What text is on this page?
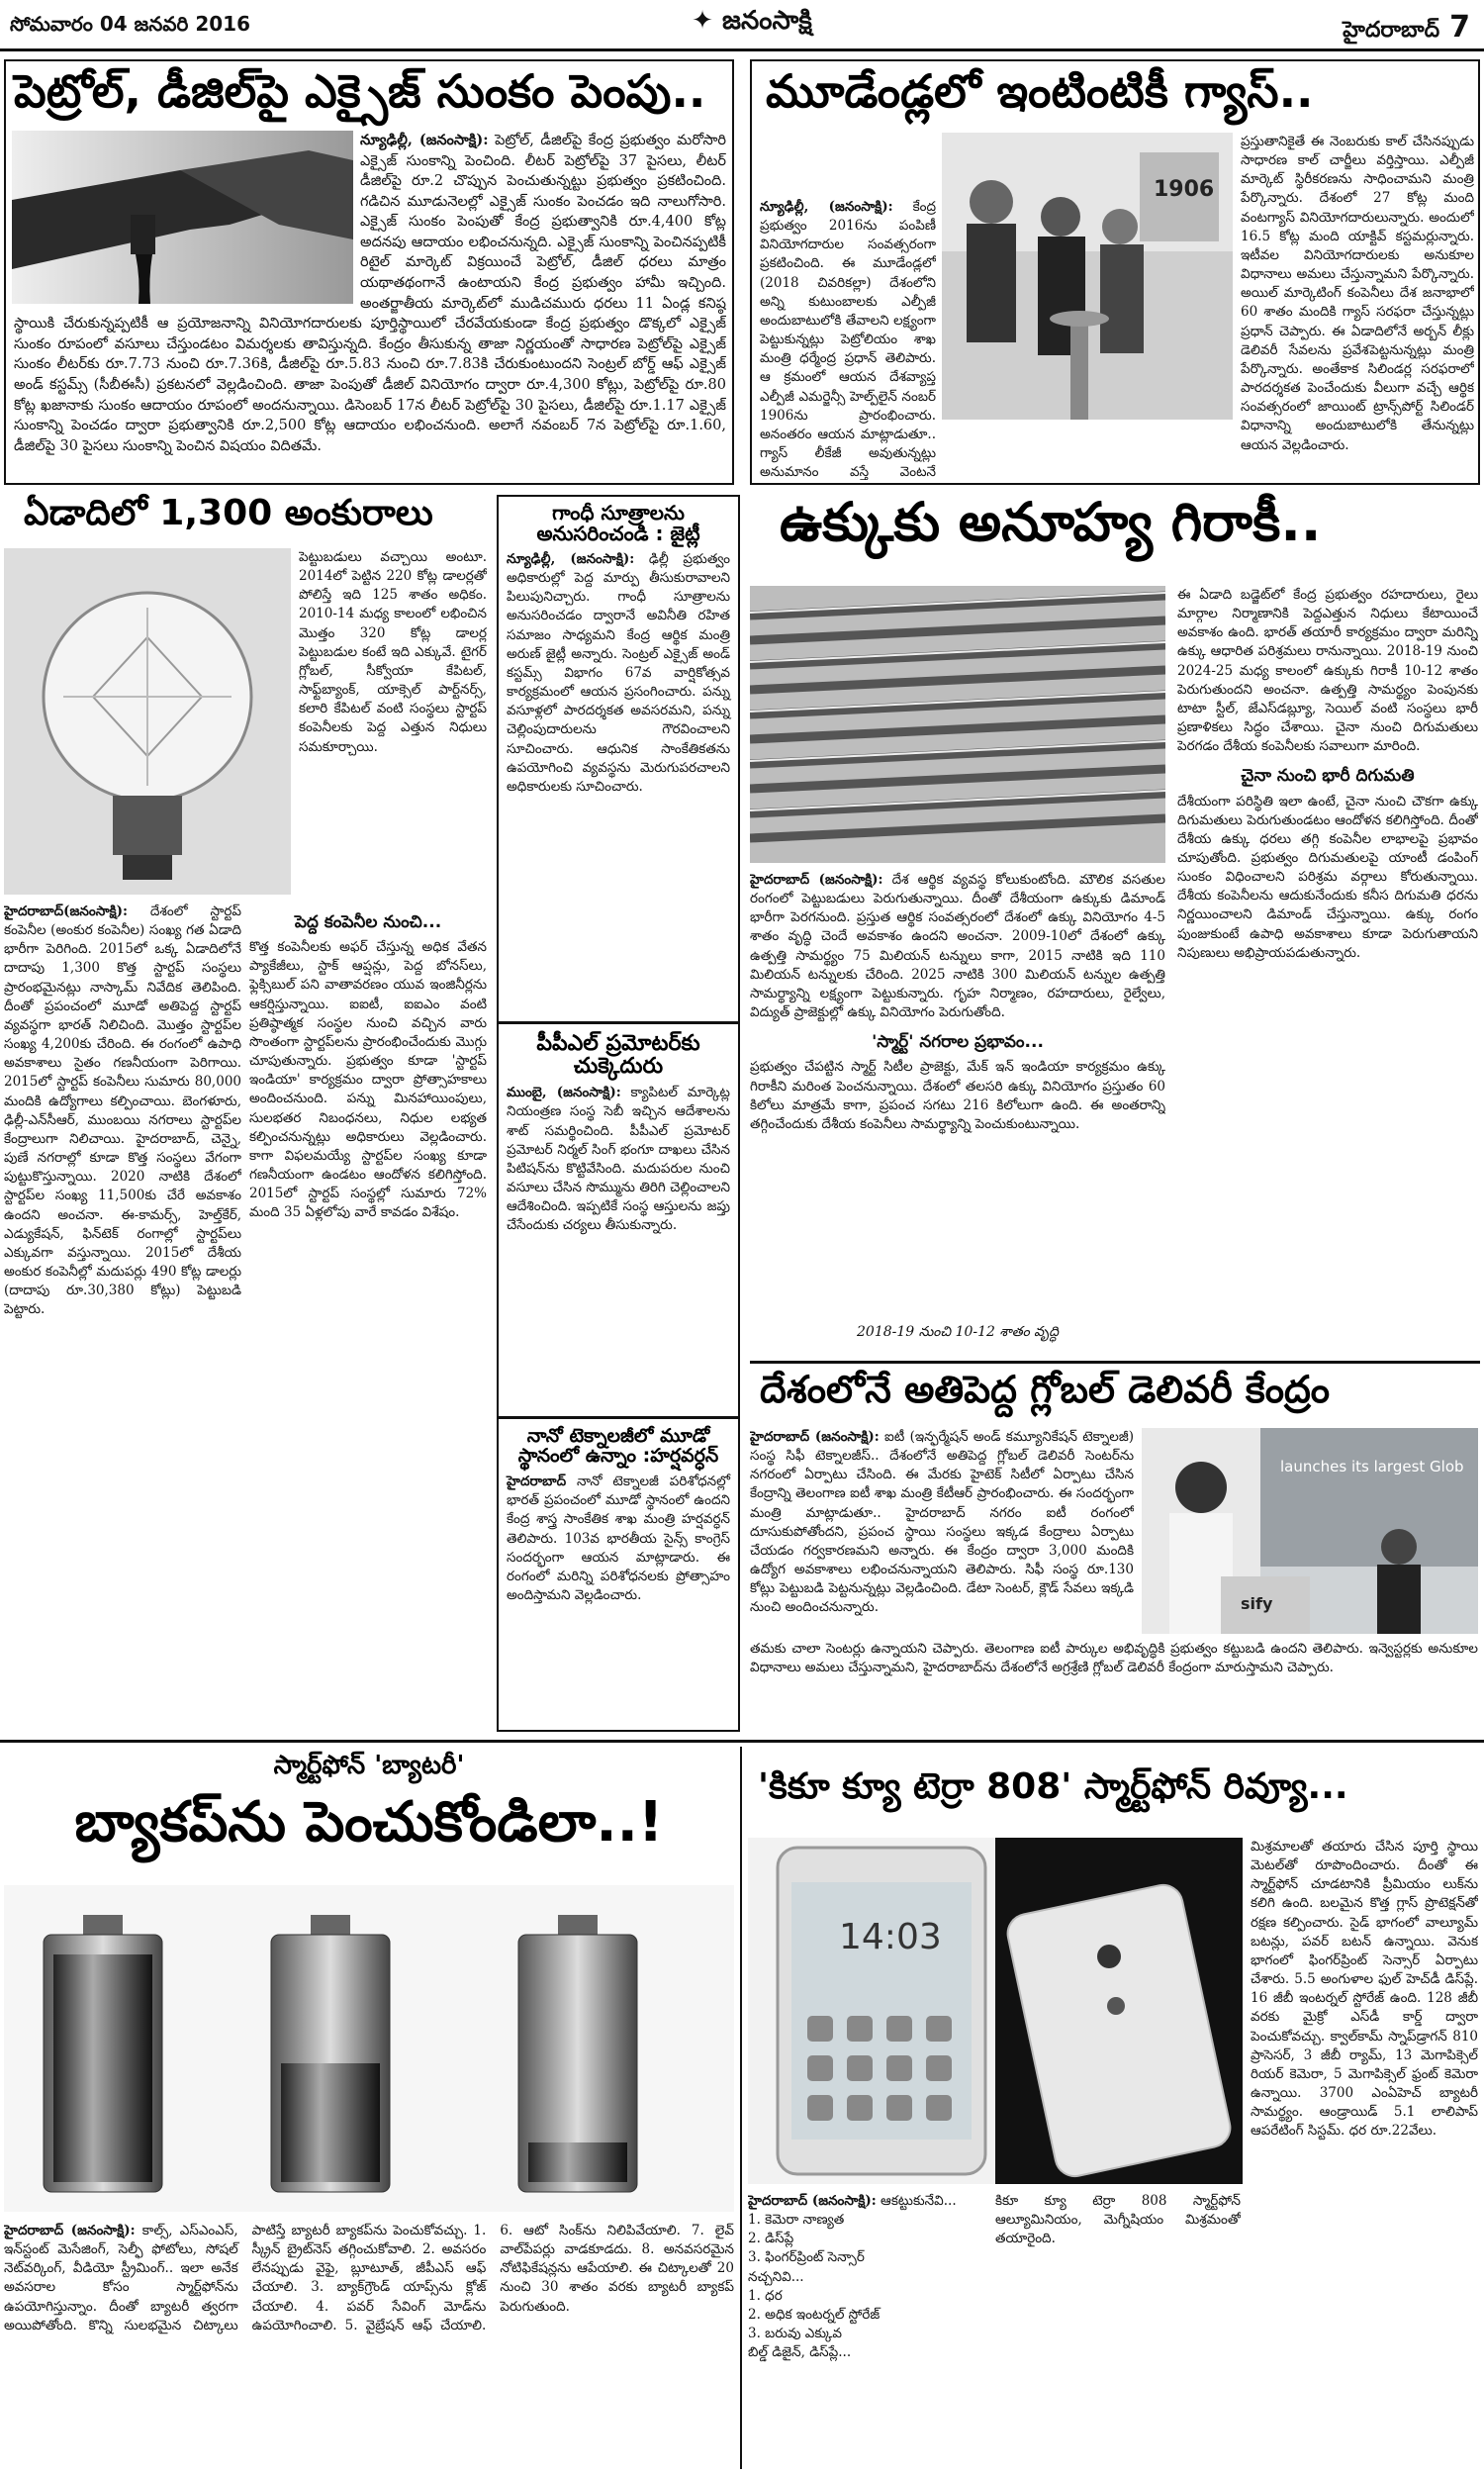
సోమవారం 04 జనవరి 2016	✦ జనంసాక్షి	హైదరాబాద్ 7
పెట్రోల్, డీజిల్‌పై ఎక్సైజ్ సుంకం పెంపు..
న్యూఢిల్లీ, (జనంసాక్షి): పెట్రోల్, డీజిల్‌పై కేంద్ర ప్రభుత్వం మరోసారి ఎక్సైజ్ సుంకాన్ని పెంచింది. లీటర్ పెట్రోల్‌పై 37 పైసలు, లీటర్ డీజిల్‌పై రూ.2 చొప్పున పెంచుతున్నట్టు ప్రభుత్వం ప్రకటించింది. గడిచిన మూడునెలల్లో ఎక్సైజ్ సుంకం పెంచడం ఇది నాలుగోసారి. ఎక్సైజ్ సుంకం పెంపుతో కేంద్ర ప్రభుత్వానికి రూ.4,400 కోట్ల అదనపు ఆదాయం లభించనున్నది. ఎక్సైజ్ సుంకాన్ని పెంచినప్పటికీ రిటైల్ మార్కెట్ విక్రయించే పెట్రోల్, డీజిల్ ధరలు మాత్రం యథాతథంగానే ఉంటాయని కేంద్ర ప్రభుత్వం హామీ ఇచ్చింది. అంతర్జాతీయ మార్కెట్‌లో ముడిచమురు ధరలు 11 ఏండ్ల కనిష్ఠ స్థాయికి చేరుకున్నప్పటికీ ఆ ప్రయోజనాన్ని వినియోగదారులకు పూర్తిస్థాయిలో చేరవేయకుండా కేంద్ర ప్రభుత్వం డొక్కలో ఎక్సైజ్ సుంకం రూపంలో వసూలు చేస్తుండటం విమర్శలకు తావిస్తున్నది. కేంద్రం తీసుకున్న తాజా నిర్ణయంతో సాధారణ పెట్రోల్‌పై ఎక్సైజ్ సుంకం లీటర్‌కు రూ.7.73 నుంచి రూ.7.36కి, డీజిల్‌పై రూ.5.83 నుంచి రూ.7.83కి చేరుకుంటుందని సెంట్రల్ బోర్డ్ ఆఫ్ ఎక్సైజ్ అండ్ కస్టమ్స్ (సీబీఈసీ) ప్రకటనలో వెల్లడించింది. తాజా పెంపుతో డీజిల్ వినియోగం ద్వారా రూ.4,300 కోట్లు, పెట్రోల్‌పై రూ.80 కోట్ల ఖజానాకు సుంకం ఆదాయం రూపంలో అందనున్నాయి. డిసెంబర్ 17న లీటర్ పెట్రోల్‌పై 30 పైసలు, డీజిల్‌పై రూ.1.17 ఎక్సైజ్ సుంకాన్ని పెంచడం ద్వారా ప్రభుత్వానికి రూ.2,500 కోట్ల ఆదాయం లభించనుంది. అలాగే నవంబర్ 7న పెట్రోల్‌పై రూ.1.60, డీజిల్‌పై 30 పైసలు సుంకాన్ని పెంచిన విషయం విదితమే.
మూడేండ్లలో ఇంటింటికీ గ్యాస్..
న్యూఢిల్లీ, (జనంసాక్షి): కేంద్ర ప్రభుత్వం 2016ను పంపిణీ వినియోగదారుల సంవత్సరంగా ప్రకటించింది. ఈ మూడేండ్లలో (2018 చివరికల్లా) దేశంలోని అన్ని కుటుంబాలకు ఎల్పీజీ అందుబాటులోకి తేవాలని లక్ష్యంగా పెట్టుకున్నట్లు పెట్రోలియం శాఖ మంత్రి ధర్మేంద్ర ప్రధాన్ తెలిపారు. ఆ క్రమంలో ఆయన దేశవ్యాప్త ఎల్పీజీ ఎమర్జెన్సీ హెల్ప్‌లైన్ నంబర్ 1906ను ప్రారంభించారు. అనంతరం ఆయన మాట్లాడుతూ.. గ్యాస్ లీకేజీ అవుతున్నట్లు అనుమానం వస్తే వెంటనే
1906
ప్రస్తుతానికైతే ఈ నెంబరుకు కాల్ చేసినప్పుడు సాధారణ కాల్ చార్జీలు వర్తిస్తాయి. ఎల్పీజీ మార్కెట్ స్థిరీకరణను సాధించామని మంత్రి పేర్కొన్నారు. దేశంలో 27 కోట్ల మంది వంటగ్యాస్ వినియోగదారులున్నారు. అందులో 16.5 కోట్ల మంది యాక్టివ్ కస్టమర్లున్నారు. ఇటీవల వినియోగదారులకు అనుకూల విధానాలు అమలు చేస్తున్నామని పేర్కొన్నారు. అయిల్ మార్కెటింగ్ కంపెనీలు దేశ జనాభాలో 60 శాతం మందికి గ్యాస్ సరఫరా చేస్తున్నట్లు ప్రధాన్ చెప్పారు. ఈ ఏడాదిలోనే అర్బన్ లీక్లు డెలివరీ సేవలను ప్రవేశపెట్టనున్నట్లు మంత్రి పేర్కొన్నారు. అంతేకాక సిలిండర్ల సరఫరాలో పారదర్శకత పెంచేందుకు వీలుగా వచ్చే ఆర్థిక సంవత్సరంలో జాయింట్ ట్రాన్స్‌పోర్ట్ సిలిండర్ విధానాన్ని అందుబాటులోకి తేనున్నట్లు ఆయన వెల్లడించారు.
ఏడాదిలో 1,300 అంకురాలు
పెట్టుబడులు వచ్చాయి అంటూ. 2014లో పెట్టిన 220 కోట్ల డాలర్లతో పోలిస్తే ఇది 125 శాతం అధికం. 2010-14 మధ్య కాలంలో లభించిన మొత్తం 320 కోట్ల డాలర్ల పెట్టుబడుల కంటే ఇది ఎక్కువే. టైగర్ గ్లోబల్, సీక్వోయా కేపిటల్, సాఫ్ట్‌బ్యాంక్, యాక్సెల్ పార్ట్‌నర్స్, కలారి కేపిటల్ వంటి సంస్థలు స్టార్టప్ కంపెనీలకు పెద్ద ఎత్తున నిధులు సమకూర్చాయి.
హైదరాబాద్(జనంసాక్షి): దేశంలో స్టార్టప్ కంపెనీల (అంకుర కంపెనీల) సంఖ్య గత ఏడాది భారీగా పెరిగింది. 2015లో ఒక్క ఏడాదిలోనే దాదాపు 1,300 కొత్త స్టార్టప్ సంస్థలు ప్రారంభమైనట్లు నాస్కామ్ నివేదిక తెలిపింది. దీంతో ప్రపంచంలో మూడో అతిపెద్ద స్టార్టప్ వ్యవస్థగా భారత్ నిలిచింది. మొత్తం స్టార్టప్‌ల సంఖ్య 4,200కు చేరింది. ఈ రంగంలో ఉపాధి అవకాశాలు సైతం గణనీయంగా పెరిగాయి. 2015లో స్టార్టప్ కంపెనీలు సుమారు 80,000 మందికి ఉద్యోగాలు కల్పించాయి. బెంగళూరు, ఢిల్లీ-ఎన్‌సీఆర్, ముంబయి నగరాలు స్టార్టప్‌ల కేంద్రాలుగా నిలిచాయి. హైదరాబాద్, చెన్నై, పుణే నగరాల్లో కూడా కొత్త సంస్థలు వేగంగా పుట్టుకొస్తున్నాయి. 2020 నాటికి దేశంలో స్టార్టప్‌ల సంఖ్య 11,500కు చేరే అవకాశం ఉందని అంచనా. ఈ-కామర్స్, హెల్త్‌కేర్, ఎడ్యుకేషన్, ఫిన్‌టెక్ రంగాల్లో స్టార్టప్‌లు ఎక్కువగా వస్తున్నాయి. 2015లో దేశీయ అంకుర కంపెనీల్లో మదుపర్లు 490 కోట్ల డాలర్లు (దాదాపు రూ.30,380 కోట్లు) పెట్టుబడి పెట్టారు.
పెద్ద కంపెనీల నుంచి...
కొత్త కంపెనీలకు అఫర్ చేస్తున్న అధిక వేతన ప్యాకేజీలు, స్టాక్ ఆప్షన్లు, పెద్ద బోనస్‌లు, ఫ్లెక్సిబుల్ పని వాతావరణం యువ ఇంజినీర్లను ఆకర్షిస్తున్నాయి. ఐఐటీ, ఐఐఎం వంటి ప్రతిష్ఠాత్మక సంస్థల నుంచి వచ్చిన వారు సొంతంగా స్టార్టప్‌లను ప్రారంభించేందుకు మొగ్గు చూపుతున్నారు. ప్రభుత్వం కూడా 'స్టార్టప్ ఇండియా' కార్యక్రమం ద్వారా ప్రోత్సాహకాలు అందించనుంది. పన్ను మినహాయింపులు, సులభతర నిబంధనలు, నిధుల లభ్యత కల్పించనున్నట్లు అధికారులు వెల్లడించారు. కాగా విఫలమయ్యే స్టార్టప్‌ల సంఖ్య కూడా గణనీయంగా ఉండటం ఆందోళన కలిగిస్తోంది. 2015లో స్టార్టప్ సంస్థల్లో సుమారు 72% మంది 35 ఏళ్లలోపు వారే కావడం విశేషం.
గాంధీ సూత్రాలను అనుసరించండి : జైట్లీ
న్యూఢిల్లీ, (జనంసాక్షి): ఢిల్లీ ప్రభుత్వం అధికారుల్లో పెద్ద మార్పు తీసుకురావాలని పిలుపునిచ్చారు. గాంధీ సూత్రాలను అనుసరించడం ద్వారానే అవినీతి రహిత సమాజం సాధ్యమని కేంద్ర ఆర్థిక మంత్రి అరుణ్ జైట్లీ అన్నారు. సెంట్రల్ ఎక్సైజ్ అండ్ కస్టమ్స్ విభాగం 67వ వార్షికోత్సవ కార్యక్రమంలో ఆయన ప్రసంగించారు. పన్ను వసూళ్లలో పారదర్శకత అవసరమని, పన్ను చెల్లింపుదారులను గౌరవించాలని సూచించారు. ఆధునిక సాంకేతికతను ఉపయోగించి వ్యవస్థను మెరుగుపరచాలని అధికారులకు సూచించారు.
పీపీఎల్ ప్రమోటర్‌కు చుక్కెదురు
ముంబై, (జనంసాక్షి): క్యాపిటల్ మార్కెట్ల నియంత్రణ సంస్థ సెబీ ఇచ్చిన ఆదేశాలను శాట్ సమర్థించింది. పీపీఎల్ ప్రమోటర్ ప్రమోటర్ నిర్మల్ సింగ్ భంగూ దాఖలు చేసిన పిటిషన్‌ను కొట్టివేసింది. మదుపరుల నుంచి వసూలు చేసిన సొమ్మును తిరిగి చెల్లించాలని ఆదేశించింది. ఇప్పటికే సంస్థ ఆస్తులను జప్తు చేసేందుకు చర్యలు తీసుకున్నారు.
నానో టెక్నాలజీలో మూడో స్థానంలో ఉన్నాం :హర్షవర్ధన్
హైదరాబాద్ నానో టెక్నాలజీ పరిశోధనల్లో భారత్ ప్రపంచంలో మూడో స్థానంలో ఉందని కేంద్ర శాస్త్ర సాంకేతిక శాఖ మంత్రి హర్షవర్ధన్ తెలిపారు. 103వ భారతీయ సైన్స్ కాంగ్రెస్ సందర్భంగా ఆయన మాట్లాడారు. ఈ రంగంలో మరిన్ని పరిశోధనలకు ప్రోత్సాహం అందిస్తామని వెల్లడించారు.
ఉక్కుకు అనూహ్య గిరాకీ..
హైదరాబాద్ (జనంసాక్షి): దేశ ఆర్థిక వ్యవస్థ కోలుకుంటోంది. మౌలిక వసతుల రంగంలో పెట్టుబడులు పెరుగుతున్నాయి. దీంతో దేశీయంగా ఉక్కుకు డిమాండ్ భారీగా పెరగనుంది. ప్రస్తుత ఆర్థిక సంవత్సరంలో దేశంలో ఉక్కు వినియోగం 4-5 శాతం వృద్ధి చెందే అవకాశం ఉందని అంచనా. 2009-10లో దేశంలో ఉక్కు ఉత్పత్తి సామర్థ్యం 75 మిలియన్ టన్నులు కాగా, 2015 నాటికి ఇది 110 మిలియన్ టన్నులకు చేరింది. 2025 నాటికి 300 మిలియన్ టన్నుల ఉత్పత్తి సామర్థ్యాన్ని లక్ష్యంగా పెట్టుకున్నారు. గృహ నిర్మాణం, రహదారులు, రైల్వేలు, విద్యుత్ ప్రాజెక్టుల్లో ఉక్కు వినియోగం పెరుగుతోంది.
'స్మార్ట్' నగరాల ప్రభావం...
ప్రభుత్వం చేపట్టిన స్మార్ట్ సిటీల ప్రాజెక్టు, మేక్ ఇన్ ఇండియా కార్యక్రమం ఉక్కు గిరాకీని మరింత పెంచనున్నాయి. దేశంలో తలసరి ఉక్కు వినియోగం ప్రస్తుతం 60 కిలోలు మాత్రమే కాగా, ప్రపంచ సగటు 216 కిలోలుగా ఉంది. ఈ అంతరాన్ని తగ్గించేందుకు దేశీయ కంపెనీలు సామర్థ్యాన్ని పెంచుకుంటున్నాయి.
2018-19 నుంచి 10-12 శాతం వృద్ధి
ఈ ఏడాది బడ్జెట్‌లో కేంద్ర ప్రభుత్వం రహదారులు, రైలు మార్గాల నిర్మాణానికి పెద్దఎత్తున నిధులు కేటాయించే అవకాశం ఉంది. భారత్ తయారీ కార్యక్రమం ద్వారా మరిన్ని ఉక్కు ఆధారిత పరిశ్రమలు రానున్నాయి. 2018-19 నుంచి 2024-25 మధ్య కాలంలో ఉక్కుకు గిరాకీ 10-12 శాతం పెరుగుతుందని అంచనా. ఉత్పత్తి సామర్థ్యం పెంపునకు టాటా స్టీల్, జేఎస్‌డబ్ల్యూ, సెయిల్ వంటి సంస్థలు భారీ ప్రణాళికలు సిద్ధం చేశాయి. చైనా నుంచి దిగుమతులు పెరగడం దేశీయ కంపెనీలకు సవాలుగా మారింది.
చైనా నుంచి భారీ దిగుమతి
దేశీయంగా పరిస్థితి ఇలా ఉంటే, చైనా నుంచి చౌకగా ఉక్కు దిగుమతులు పెరుగుతుండటం ఆందోళన కలిగిస్తోంది. దీంతో దేశీయ ఉక్కు ధరలు తగ్గి కంపెనీల లాభాలపై ప్రభావం చూపుతోంది. ప్రభుత్వం దిగుమతులపై యాంటీ డంపింగ్ సుంకం విధించాలని పరిశ్రమ వర్గాలు కోరుతున్నాయి. దేశీయ కంపెనీలను ఆదుకునేందుకు కనీస దిగుమతి ధరను నిర్ణయించాలని డిమాండ్ చేస్తున్నాయి. ఉక్కు రంగం పుంజుకుంటే ఉపాధి అవకాశాలు కూడా పెరుగుతాయని నిపుణులు అభిప్రాయపడుతున్నారు.
దేశంలోనే అతిపెద్ద గ్లోబల్ డెలివరీ కేంద్రం
హైదరాబాద్ (జనంసాక్షి): ఐటీ (ఇన్ఫర్మేషన్ అండ్ కమ్యూనికేషన్ టెక్నాలజీ) సంస్థ సిఫీ టెక్నాలజీస్.. దేశంలోనే అతిపెద్ద గ్లోబల్ డెలివరీ సెంటర్‌ను నగరంలో ఏర్పాటు చేసింది. ఈ మేరకు హైటెక్ సిటీలో ఏర్పాటు చేసిన కేంద్రాన్ని తెలంగాణ ఐటీ శాఖ మంత్రి కేటీఆర్ ప్రారంభించారు. ఈ సందర్భంగా మంత్రి మాట్లాడుతూ.. హైదరాబాద్ నగరం ఐటీ రంగంలో దూసుకుపోతోందని, ప్రపంచ స్థాయి సంస్థలు ఇక్కడ కేంద్రాలు ఏర్పాటు చేయడం గర్వకారణమని అన్నారు. ఈ కేంద్రం ద్వారా 3,000 మందికి ఉద్యోగ అవకాశాలు లభించనున్నాయని తెలిపారు. సిఫీ సంస్థ రూ.130 కోట్లు పెట్టుబడి పెట్టనున్నట్లు వెల్లడించింది. డేటా సెంటర్, క్లౌడ్ సేవలు ఇక్కడి నుంచి అందించనున్నారు.
launches its largest Glob
sify
తమకు చాలా సెంటర్లు ఉన్నాయని చెప్పారు. తెలంగాణ ఐటీ పార్కుల అభివృద్ధికి ప్రభుత్వం కట్టుబడి ఉందని తెలిపారు. ఇన్వెస్టర్లకు అనుకూల విధానాలు అమలు చేస్తున్నామని, హైదరాబాద్‌ను దేశంలోనే అగ్రశ్రేణి గ్లోబల్ డెలివరీ కేంద్రంగా మారుస్తామని చెప్పారు.
స్మార్ట్‌ఫోన్ 'బ్యాటరీ'
బ్యాకప్‌ను పెంచుకోండిలా..!
హైదరాబాద్ (జనంసాక్షి): కాల్స్, ఎస్ఎంఎస్, ఇన్‌స్టంట్ మెసేజింగ్, సెల్ఫీ ఫోటోలు, సోషల్ నెట్‌వర్కింగ్, వీడియో స్ట్రీమింగ్.. ఇలా అనేక అవసరాల కోసం స్మార్ట్‌ఫోన్‌ను ఉపయోగిస్తున్నాం. దీంతో బ్యాటరీ త్వరగా అయిపోతోంది. కొన్ని సులభమైన చిట్కాలు పాటిస్తే బ్యాటరీ బ్యాకప్‌ను పెంచుకోవచ్చు. 1. స్క్రీన్ బ్రైట్‌నెస్ తగ్గించుకోవాలి. 2. అవసరం లేనప్పుడు వైఫై, బ్లూటూత్, జీపీఎస్ ఆఫ్ చేయాలి. 3. బ్యాక్‌గ్రౌండ్ యాప్స్‌ను క్లోజ్ చేయాలి. 4. పవర్ సేవింగ్ మోడ్‌ను ఉపయోగించాలి. 5. వైబ్రేషన్ ఆఫ్ చేయాలి. 6. ఆటో సింక్‌ను నిలిపివేయాలి. 7. లైవ్ వాల్‌పేపర్లు వాడకూడదు. 8. అనవసరమైన నోటిఫికేషన్లను ఆపేయాలి. ఈ చిట్కాలతో 20 నుంచి 30 శాతం వరకు బ్యాటరీ బ్యాకప్ పెరుగుతుంది.
'కికూ క్యూ టెర్రా 808' స్మార్ట్‌ఫోన్ రివ్యూ...
14:03
హైదరాబాద్ (జనంసాక్షి): ఆకట్టుకునేవి...
1. కెమెరా నాణ్యత
2. డిస్‌ప్లే
3. ఫింగర్‌ప్రింట్ సెన్సార్
నచ్చనివి...
1. ధర
2. అధిక ఇంటర్నల్ స్టోరేజ్
3. బరువు ఎక్కువ
బిల్డ్ డిజైన్, డిస్‌ప్లే...
కికూ క్యూ టెర్రా 808 స్మార్ట్‌ఫోన్ ఆల్యూమినియం, మెగ్నీషియం మిశ్రమంతో తయారైంది.
మిశ్రమాలతో తయారు చేసిన పూర్తి స్థాయి మెటల్‌తో రూపొందించారు. దీంతో ఈ స్మార్ట్‌ఫోన్ చూడటానికి ప్రీమియం లుక్‌ను కలిగి ఉంది. బలమైన కొత్త గ్లాస్ ప్రొటెక్షన్‌తో రక్షణ కల్పించారు. సైడ్ భాగంలో వాల్యూమ్ బటన్లు, పవర్ బటన్ ఉన్నాయి. వెనుక భాగంలో ఫింగర్‌ప్రింట్ సెన్సార్ ఏర్పాటు చేశారు. 5.5 అంగుళాల ఫుల్ హెచ్‌డీ డిస్‌ప్లే. 16 జీబీ ఇంటర్నల్ స్టోరేజ్ ఉంది. 128 జీబీ వరకు మైక్రో ఎస్‌డీ కార్డ్ ద్వారా పెంచుకోవచ్చు. క్వాల్‌కామ్ స్నాప్‌డ్రాగన్ 810 ప్రాసెసర్, 3 జీబీ ర్యామ్, 13 మెగాపిక్సెల్ రియర్ కెమెరా, 5 మెగాపిక్సెల్ ఫ్రంట్ కెమెరా ఉన్నాయి. 3700 ఎంఏహెచ్ బ్యాటరీ సామర్థ్యం. ఆండ్రాయిడ్ 5.1 లాలిపాప్ ఆపరేటింగ్ సిస్టమ్. ధర రూ.22వేలు.
